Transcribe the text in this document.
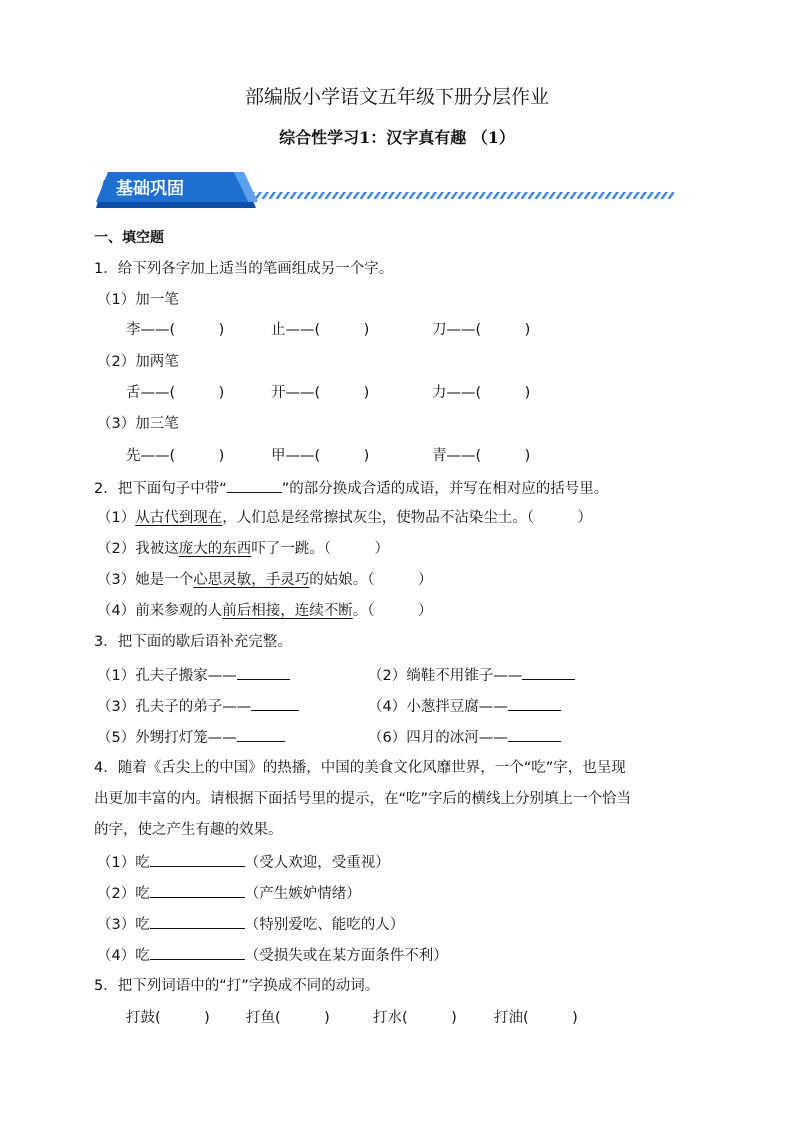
部编版小学语文五年级下册分层作业
综合性学习1：汉字真有趣 （1）
基础巩固
一、填空题
1．给下列各字加上适当的笔画组成另一个字。
（1）加一笔
李——(　　　)	止——(　　　)	刀——(　　　)
（2）加两笔
舌——(　　　)	开——(　　　)	力——(　　　)
（3）加三笔
先——(　　　)	甲——(　　　)	青——(　　　)
2．把下面句子中带“	”的部分换成合适的成语，并写在相对应的括号里。
（1）从古代到现在，人们总是经常擦拭灰尘，使物品不沾染尘土。（　　　）
（2）我被这庞大的东西吓了一跳。（　　　）
（3）她是一个心思灵敏，手灵巧的姑娘。（　　　）
（4）前来参观的人前后相接，连续不断。（　　　）
3．把下面的歇后语补充完整。
（1）孔夫子搬家——	（2）绱鞋不用锥子——
（3）孔夫子的弟子——	（4）小葱拌豆腐——
（5）外甥打灯笼——	（6）四月的冰河——
4．随着《舌尖上的中国》的热播，中国的美食文化风靡世界，一个“吃”字，也呈现
出更加丰富的内。请根据下面括号里的提示，在“吃”字后的横线上分别填上一个恰当
的字，使之产生有趣的效果。
（1）吃	（受人欢迎，受重视）
（2）吃	（产生嫉妒情绪）
（3）吃	（特别爱吃、能吃的人）
（4）吃	（受损失或在某方面条件不利）
5．把下列词语中的“打”字换成不同的动词。
打鼓(　　　) 打鱼(　　　)	打水(　　　)	打油(　　　)
